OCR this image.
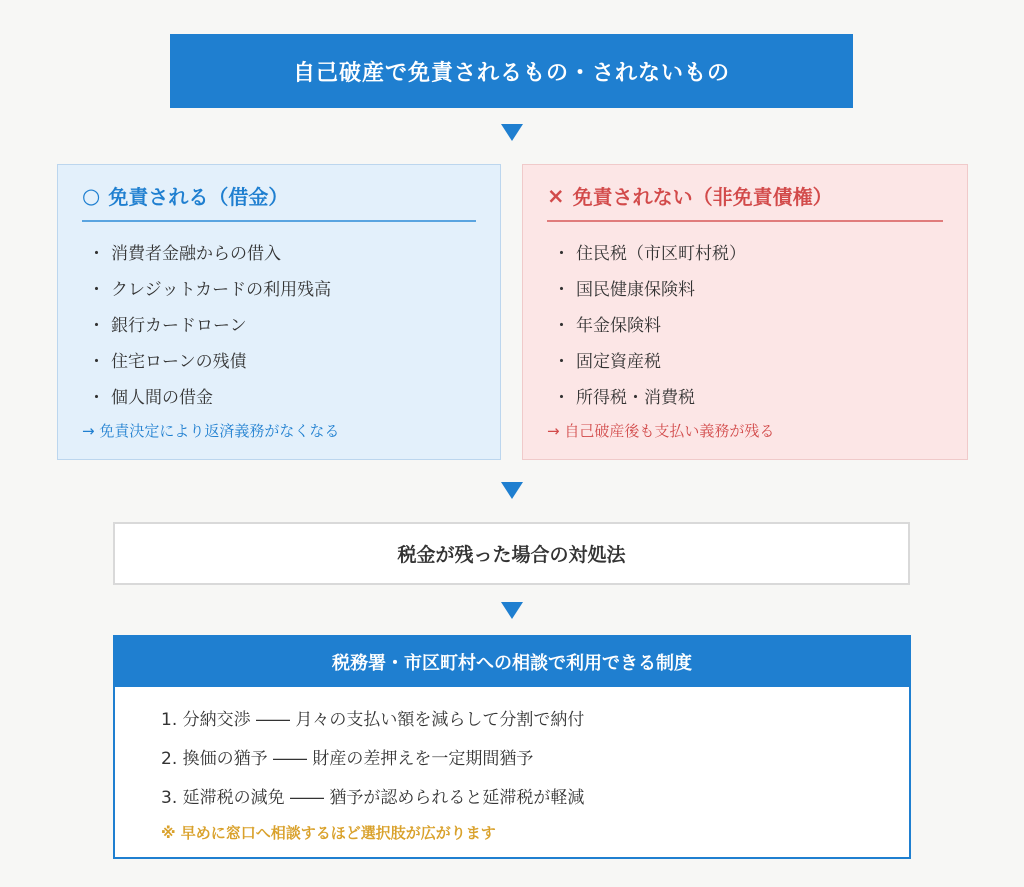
自己破産で免責されるもの・されないもの
○ 免責される（借金）
・ 消費者金融からの借入
・ クレジットカードの利用残高
・ 銀行カードローン
・ 住宅ローンの残債
・ 個人間の借金
→ 免責決定により返済義務がなくなる
× 免責されない（非免責債権）
・ 住民税（市区町村税）
・ 国民健康保険料
・ 年金保険料
・ 固定資産税
・ 所得税・消費税
→ 自己破産後も支払い義務が残る
税金が残った場合の対処法
税務署・市区町村への相談で利用できる制度
1. 分納交渉 ―― 月々の支払い額を減らして分割で納付
2. 換価の猶予 ―― 財産の差押えを一定期間猶予
3. 延滞税の減免 ―― 猶予が認められると延滞税が軽減
※ 早めに窓口へ相談するほど選択肢が広がります
